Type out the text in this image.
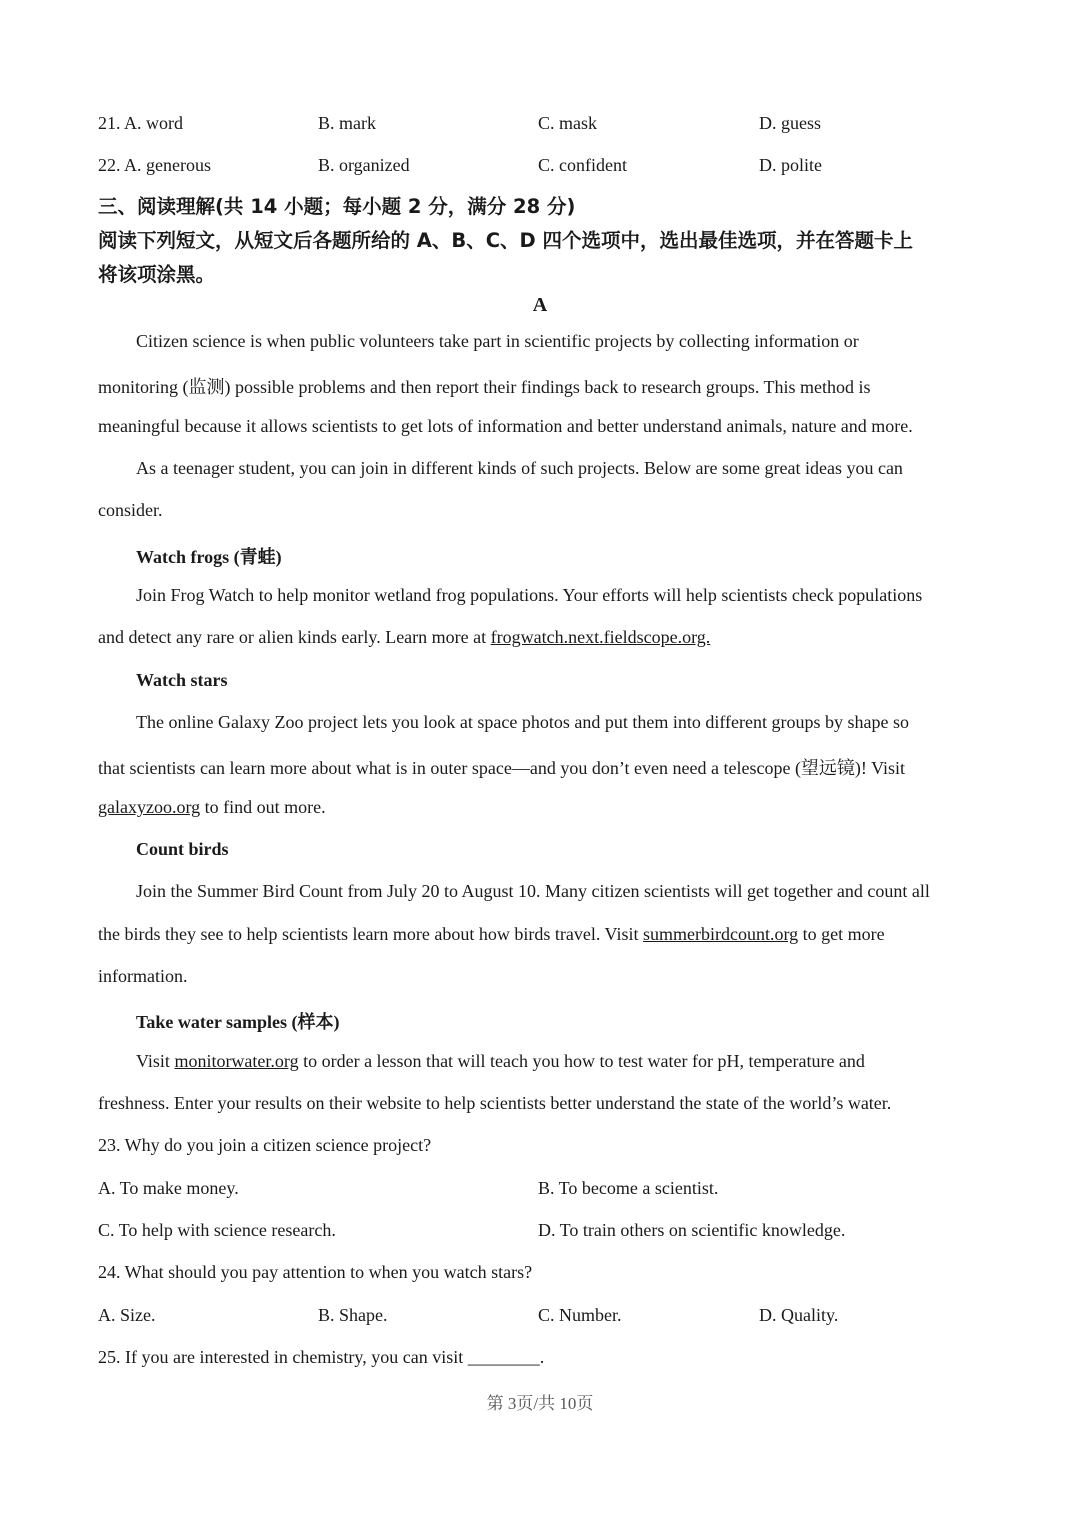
21. A. word	B. mark	C. mask	D. guess
22. A. generous	B. organized	C. confident	D. polite
三、阅读理解(共 14 小题；每小题 2 分，满分 28 分)
阅读下列短文，从短文后各题所给的 A、B、C、D 四个选项中，选出最佳选项，并在答题卡上
将该项涂黑。
A
Citizen science is when public volunteers take part in scientific projects by collecting information or
monitoring (监测) possible problems and then report their findings back to research groups. This method is
meaningful because it allows scientists to get lots of information and better understand animals, nature and more.
As a teenager student, you can join in different kinds of such projects. Below are some great ideas you can
consider.
Watch frogs (青蛙)
Join Frog Watch to help monitor wetland frog populations. Your efforts will help scientists check populations
and detect any rare or alien kinds early. Learn more at frogwatch.next.fieldscope.org.
Watch stars
The online Galaxy Zoo project lets you look at space photos and put them into different groups by shape so
that scientists can learn more about what is in outer space—and you don’t even need a telescope (望远镜)! Visit
galaxyzoo.org to find out more.
Count birds
Join the Summer Bird Count from July 20 to August 10. Many citizen scientists will get together and count all
the birds they see to help scientists learn more about how birds travel. Visit summerbirdcount.org to get more
information.
Take water samples (样本)
Visit monitorwater.org to order a lesson that will teach you how to test water for pH, temperature and
freshness. Enter your results on their website to help scientists better understand the state of the world’s water.
23. Why do you join a citizen science project?
A. To make money.	B. To become a scientist.
C. To help with science research.	D. To train others on scientific knowledge.
24. What should you pay attention to when you watch stars?
A. Size.	B. Shape.	C. Number.	D. Quality.
25. If you are interested in chemistry, you can visit ________.
第 3页/共 10页
